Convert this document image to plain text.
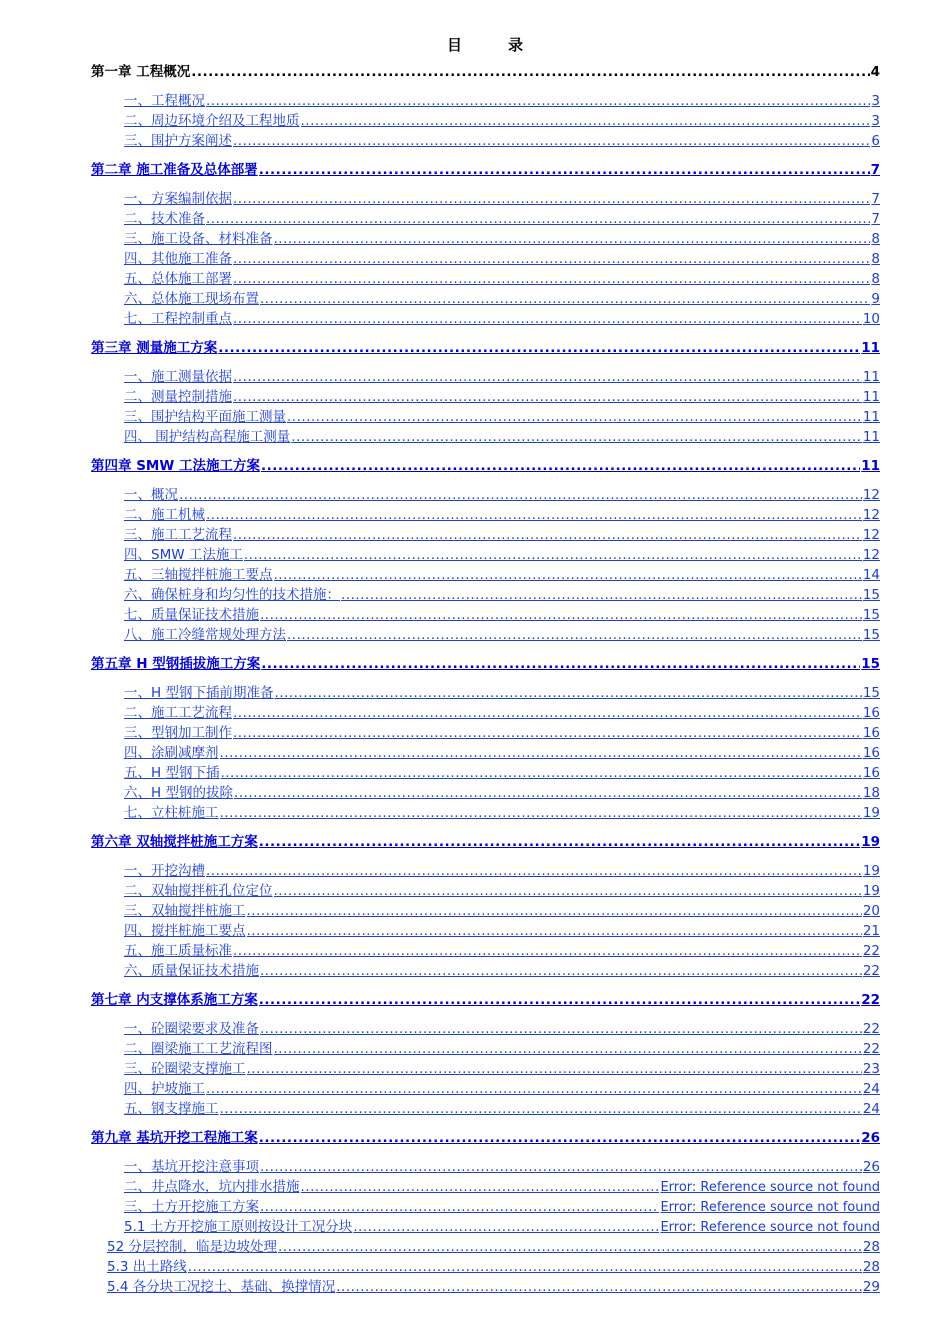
目	录
第一章 工程概况 .....	4
一、工程概况 .....	3
二、周边环境介绍及工程地质 .....	3
三、围护方案阐述 .....	6
第二章 施工准备及总体部署 .....	7
一、方案编制依据 .....	7
二、技术准备 .....	7
三、施工设备、材料准备 .....	8
四、其他施工准备 .....	8
五、总体施工部署 .....	8
六、总体施工现场布置 .....	9
七、工程控制重点 .....	10
第三章 测量施工方案 .....	11
一、施工测量依据 .....	11
二、测量控制措施 .....	11
三、围护结构平面施工测量 .....	11
四、 围护结构高程施工测量 .....	11
第四章 SMW 工法施工方案 .....	11
一、概况 .....	12
二、施工机械 .....	12
三、施工工艺流程 .....	12
四、SMW 工法施工 .....	12
五、三轴搅拌桩施工要点 .....	14
六、确保桩身和均匀性的技术措施： .....	15
七、质量保证技术措施 .....	15
八、施工冷缝常规处理方法 .....	15
第五章 H 型钢插拔施工方案 .....	15
一、H 型钢下插前期准备 .....	15
二、施工工艺流程 .....	16
三、型钢加工制作 .....	16
四、涂刷减摩剂 .....	16
五、H 型钢下插 .....	16
六、H 型钢的拔除 .....	18
七、立柱桩施工 .....	19
第六章 双轴搅拌桩施工方案 .....	19
一、开挖沟槽 .....	19
二、双轴搅拌桩孔位定位 .....	19
三、双轴搅拌桩施工 .....	20
四、搅拌桩施工要点 .....	21
五、施工质量标准 .....	22
六、质量保证技术措施 .....	22
第七章 内支撑体系施工方案 .....	22
一、砼圈梁要求及准备 .....	22
二、圈梁施工工艺流程图 .....	22
三、砼圈梁支撑施工 .....	23
四、护坡施工 .....	24
五、钢支撑施工 .....	24
第九章 基坑开挖工程施工案 .....	26
一、基坑开挖注意事项 .....	26
二、井点降水，坑内排水措施 .....	Error: Reference source not found
三、土方开挖施工方案 .....	Error: Reference source not found
5.1 土方开挖施工原则按设计工况分块 .....	Error: Reference source not found
52 分层控制，临是边坡处理 .....	28
5.3 出土路线 .....	28
5.4 各分块工况挖土、基础、换撑情况 .....	29
